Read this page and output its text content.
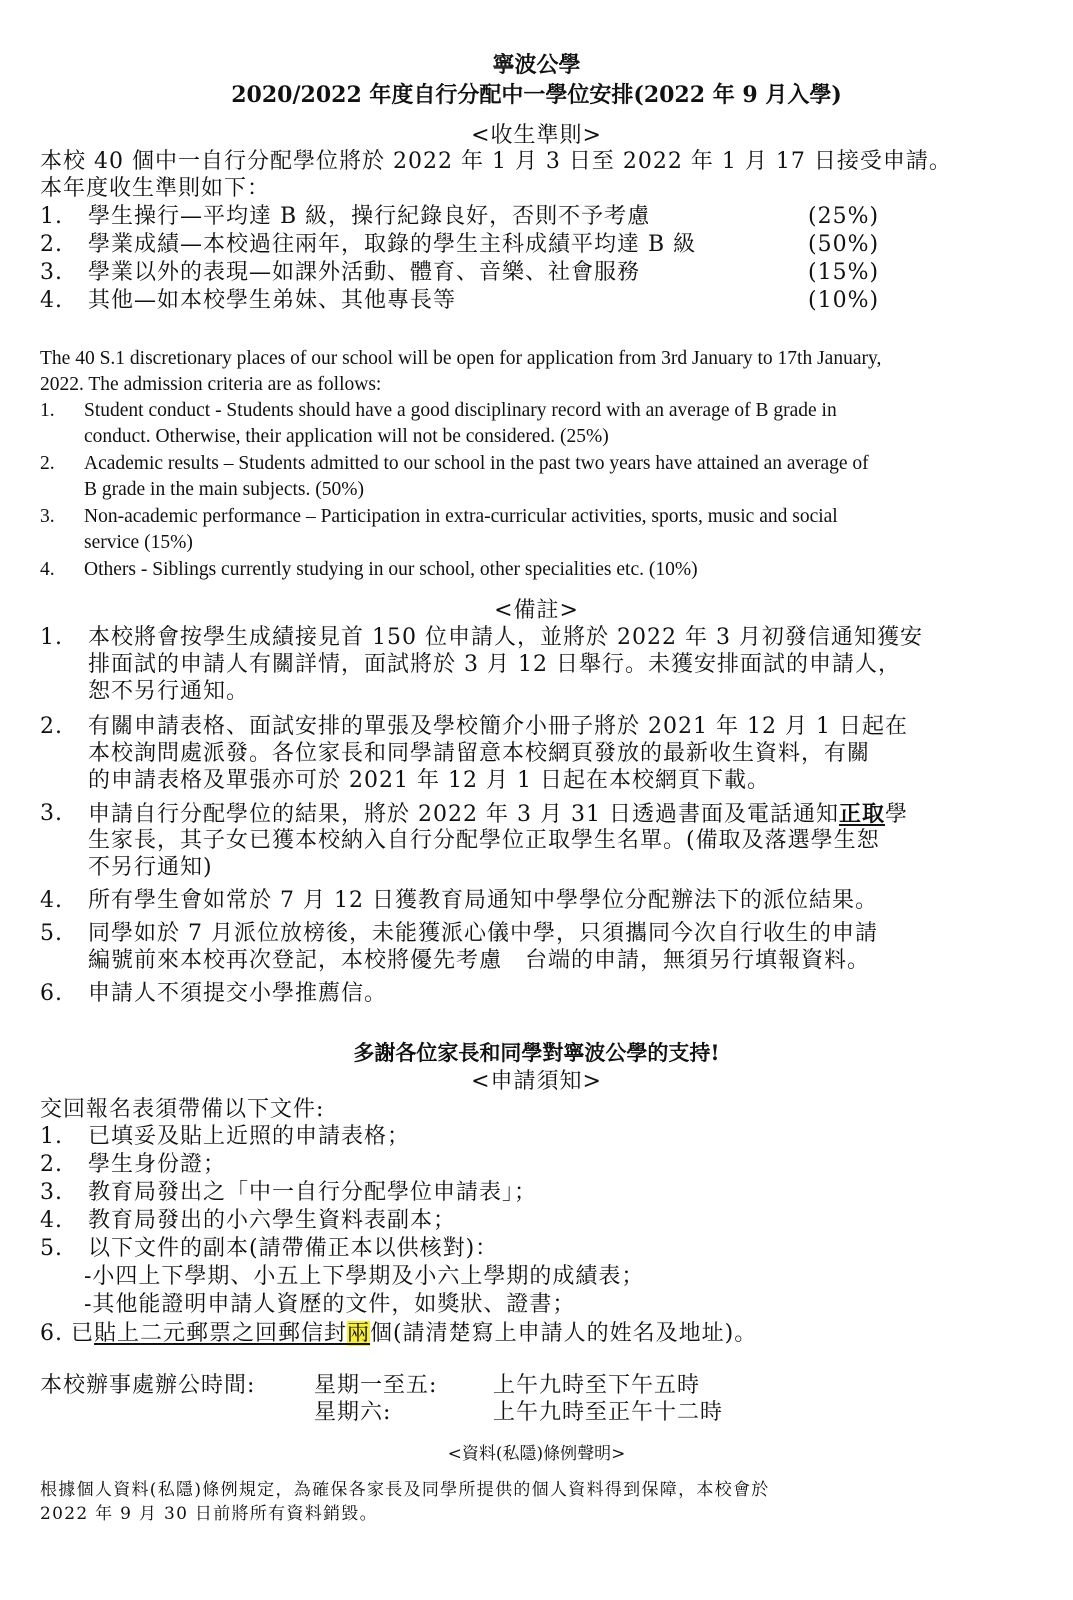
寧波公學
2020/2022 年度自行分配中一學位安排(2022 年 9 月入學)
<收生準則>
本校 40 個中一自行分配學位將於 2022 年 1 月 3 日至 2022 年 1 月 17 日接受申請。
本年度收生準則如下：
1. 學生操行—平均達 B 級，操行紀錄良好，否則不予考慮	(25%)
2. 學業成績—本校過往兩年，取錄的學生主科成績平均達 B 級	(50%)
3. 學業以外的表現—如課外活動、體育、音樂、社會服務	(15%)
4. 其他—如本校學生弟妹、其他專長等	(10%)
The 40 S.1 discretionary places of our school will be open for application from 3rd January to 17th January,
2022. The admission criteria are as follows:
1. Student conduct - Students should have a good disciplinary record with an average of B grade in
conduct. Otherwise, their application will not be considered. (25%)
2. Academic results – Students admitted to our school in the past two years have attained an average of
B grade in the main subjects. (50%)
3. Non-academic performance – Participation in extra-curricular activities, sports, music and social
service (15%)
4. Others - Siblings currently studying in our school, other specialities etc. (10%)
<備註>
1. 本校將會按學生成績接見首 150 位申請人，並將於 2022 年 3 月初發信通知獲安
排面試的申請人有關詳情，面試將於 3 月 12 日舉行。未獲安排面試的申請人，
恕不另行通知。
2. 有關申請表格、面試安排的單張及學校簡介小冊子將於 2021 年 12 月 1 日起在
本校詢問處派發。各位家長和同學請留意本校網頁發放的最新收生資料，有關
的申請表格及單張亦可於 2021 年 12 月 1 日起在本校網頁下載。
3. 申請自行分配學位的結果，將於 2022 年 3 月 31 日透過書面及電話通知正取學
生家長，其子女已獲本校納入自行分配學位正取學生名單。(備取及落選學生恕
不另行通知)
4. 所有學生會如常於 7 月 12 日獲教育局通知中學學位分配辦法下的派位結果。
5. 同學如於 7 月派位放榜後，未能獲派心儀中學，只須攜同今次自行收生的申請
編號前來本校再次登記，本校將優先考慮　台端的申請，無須另行填報資料。
6. 申請人不須提交小學推薦信。
多謝各位家長和同學對寧波公學的支持!
<申請須知>
交回報名表須帶備以下文件:
1. 已填妥及貼上近照的申請表格；
2. 學生身份證；
3. 教育局發出之「中一自行分配學位申請表」；
4. 教育局發出的小六學生資料表副本；
5. 以下文件的副本(請帶備正本以供核對)：
-小四上下學期、小五上下學期及小六上學期的成績表；
-其他能證明申請人資歷的文件，如獎狀、證書；
6. 已貼上二元郵票之回郵信封兩個(請清楚寫上申請人的姓名及地址)。
本校辦事處辦公時間:	星期一至五:	上午九時至下午五時
星期六:	上午九時至正午十二時
<資料(私隱)條例聲明>
根據個人資料(私隱)條例規定，為確保各家長及同學所提供的個人資料得到保障，本校會於
2022 年 9 月 30 日前將所有資料銷毀。
